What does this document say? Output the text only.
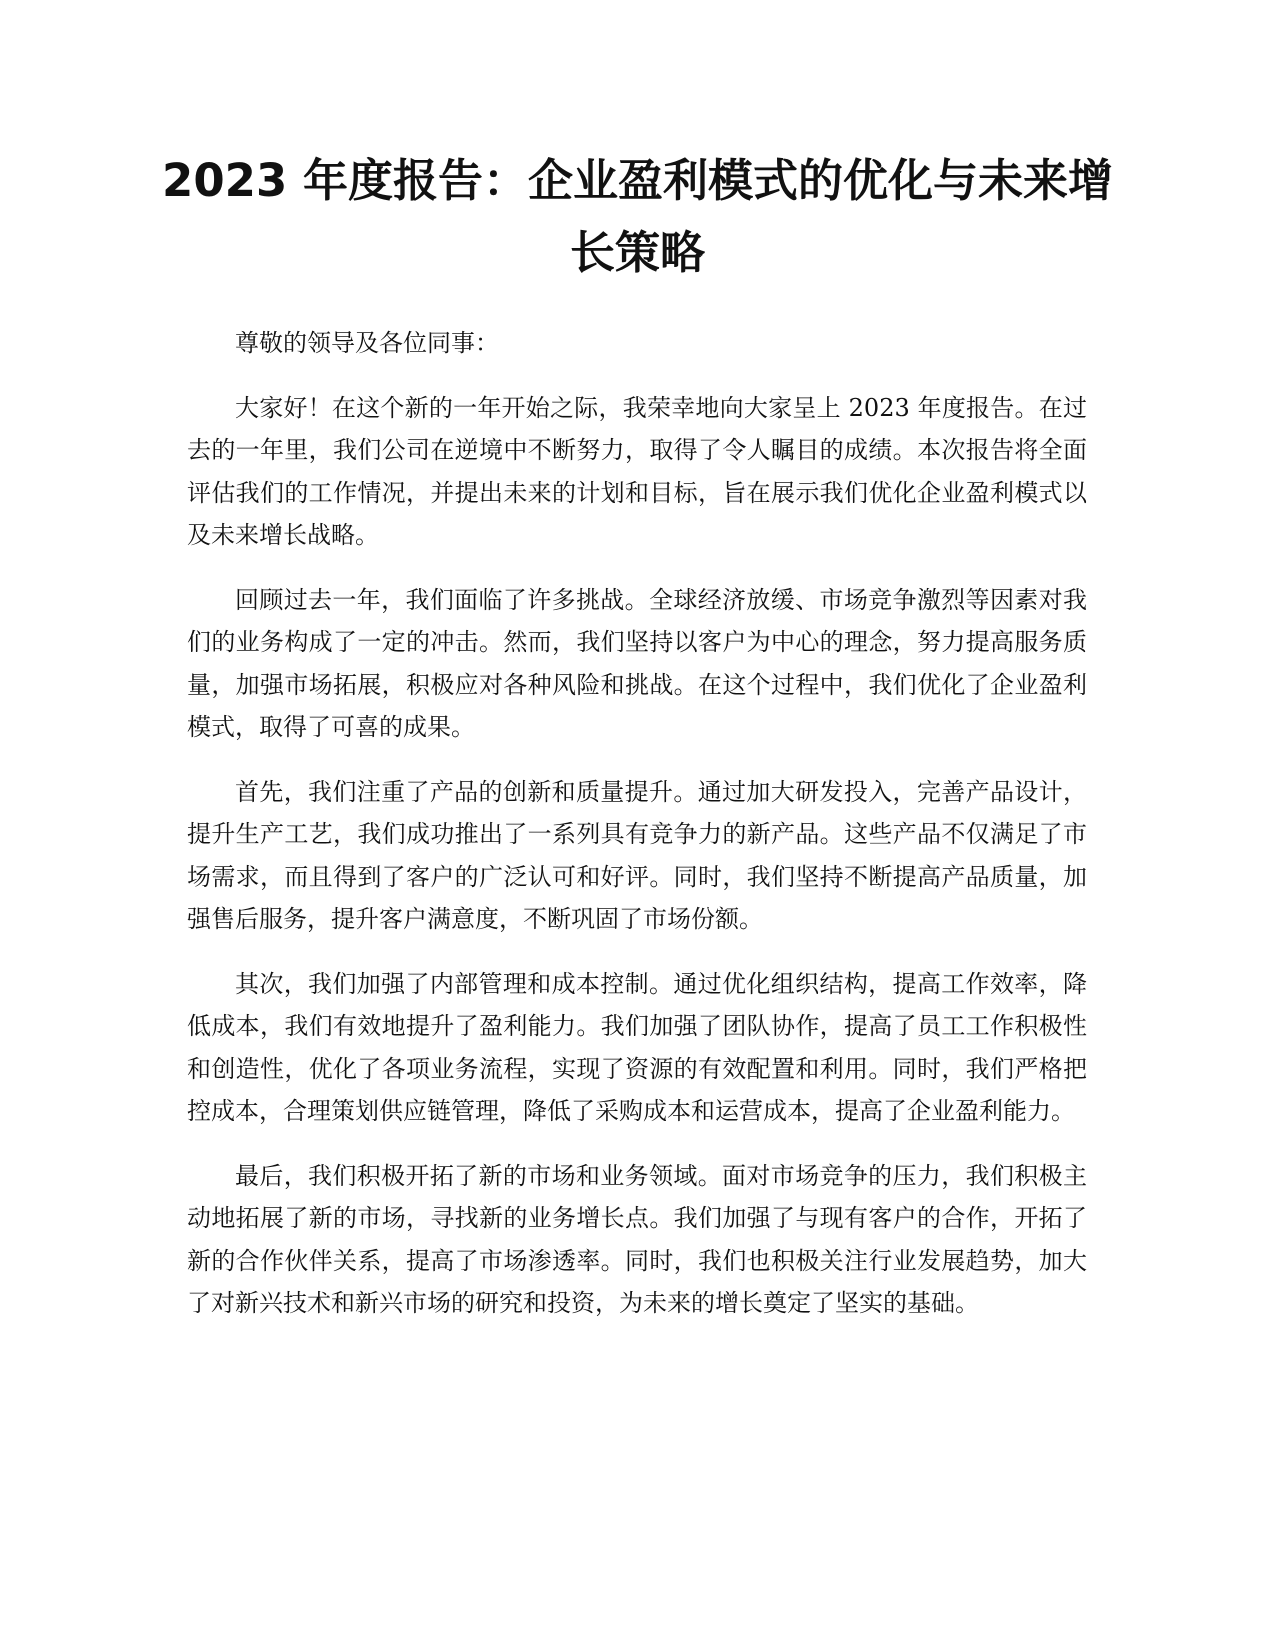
2023 年度报告：企业盈利模式的优化与未来增长策略

尊敬的领导及各位同事：

大家好！在这个新的一年开始之际，我荣幸地向大家呈上 2023 年度报告。在过去的一年里，我们公司在逆境中不断努力，取得了令人瞩目的成绩。本次报告将全面评估我们的工作情况，并提出未来的计划和目标，旨在展示我们优化企业盈利模式以及未来增长战略。

回顾过去一年，我们面临了许多挑战。全球经济放缓、市场竞争激烈等因素对我们的业务构成了一定的冲击。然而，我们坚持以客户为中心的理念，努力提高服务质量，加强市场拓展，积极应对各种风险和挑战。在这个过程中，我们优化了企业盈利模式，取得了可喜的成果。

首先，我们注重了产品的创新和质量提升。通过加大研发投入，完善产品设计，提升生产工艺，我们成功推出了一系列具有竞争力的新产品。这些产品不仅满足了市场需求，而且得到了客户的广泛认可和好评。同时，我们坚持不断提高产品质量，加强售后服务，提升客户满意度，不断巩固了市场份额。

其次，我们加强了内部管理和成本控制。通过优化组织结构，提高工作效率，降低成本，我们有效地提升了盈利能力。我们加强了团队协作，提高了员工工作积极性和创造性，优化了各项业务流程，实现了资源的有效配置和利用。同时，我们严格把控成本，合理策划供应链管理，降低了采购成本和运营成本，提高了企业盈利能力。

最后，我们积极开拓了新的市场和业务领域。面对市场竞争的压力，我们积极主动地拓展了新的市场，寻找新的业务增长点。我们加强了与现有客户的合作，开拓了新的合作伙伴关系，提高了市场渗透率。同时，我们也积极关注行业发展趋势，加大了对新兴技术和新兴市场的研究和投资，为未来的增长奠定了坚实的基础。
